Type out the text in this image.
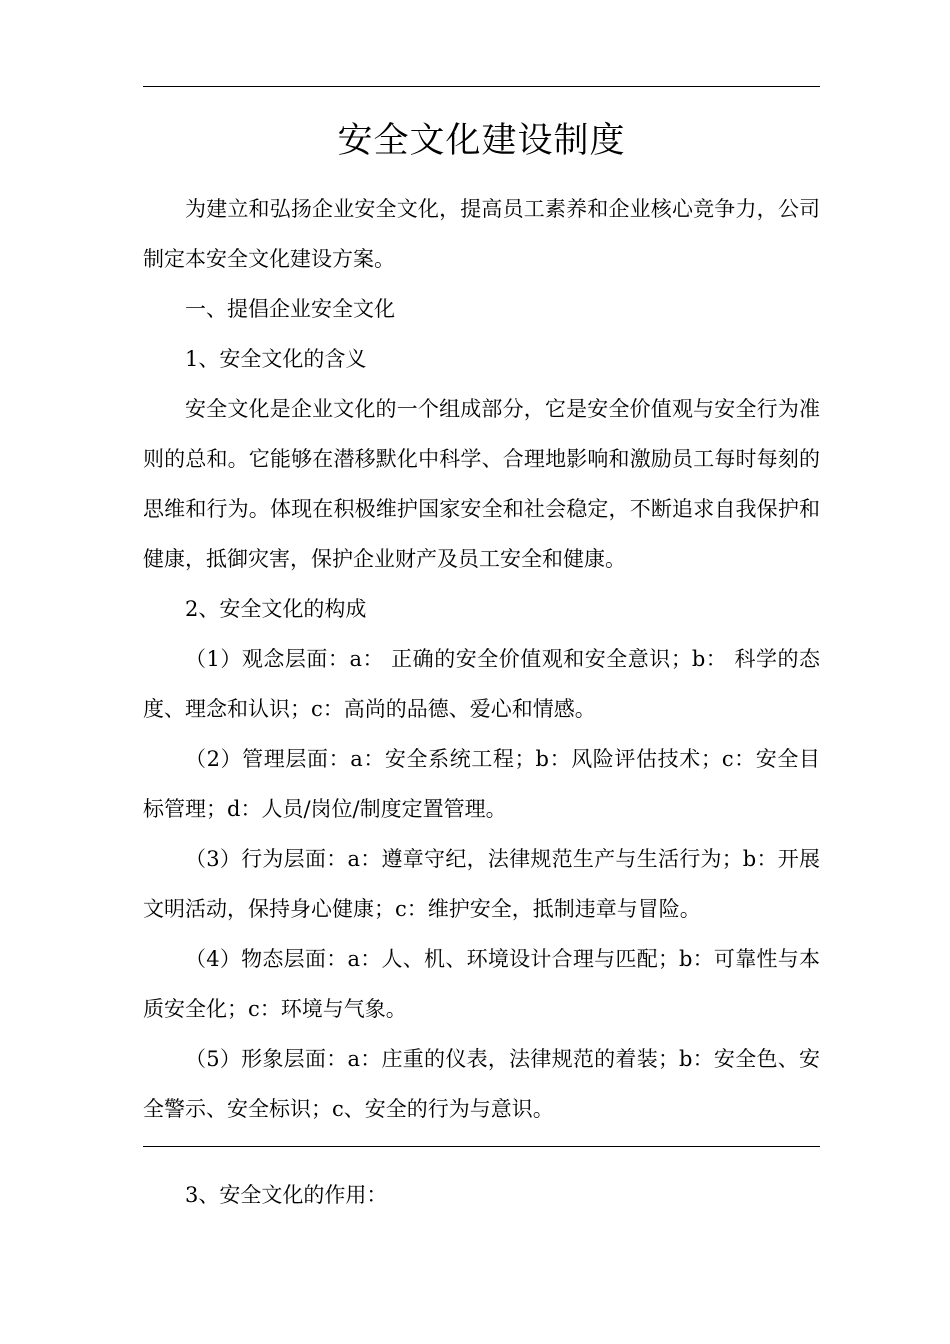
安全文化建设制度

为建立和弘扬企业安全文化，提高员工素养和企业核心竞争力，公司制定本安全文化建设方案。

一、提倡企业安全文化

1、安全文化的含义

安全文化是企业文化的一个组成部分，它是安全价值观与安全行为准则的总和。它能够在潜移默化中科学、合理地影响和激励员工每时每刻的思维和行为。体现在积极维护国家安全和社会稳定，不断追求自我保护和健康，抵御灾害，保护企业财产及员工安全和健康。

2、安全文化的构成

（1）观念层面：a： 正确的安全价值观和安全意识；b： 科学的态度、理念和认识；c：高尚的品德、爱心和情感。

（2）管理层面：a：安全系统工程；b：风险评估技术；c：安全目标管理；d：人员/岗位/制度定置管理。

（3）行为层面：a：遵章守纪，法律规范生产与生活行为；b：开展文明活动，保持身心健康；c：维护安全，抵制违章与冒险。

（4）物态层面：a：人、机、环境设计合理与匹配；b：可靠性与本质安全化；c：环境与气象。

（5）形象层面：a：庄重的仪表，法律规范的着装；b：安全色、安全警示、安全标识；c、安全的行为与意识。

3、安全文化的作用：
